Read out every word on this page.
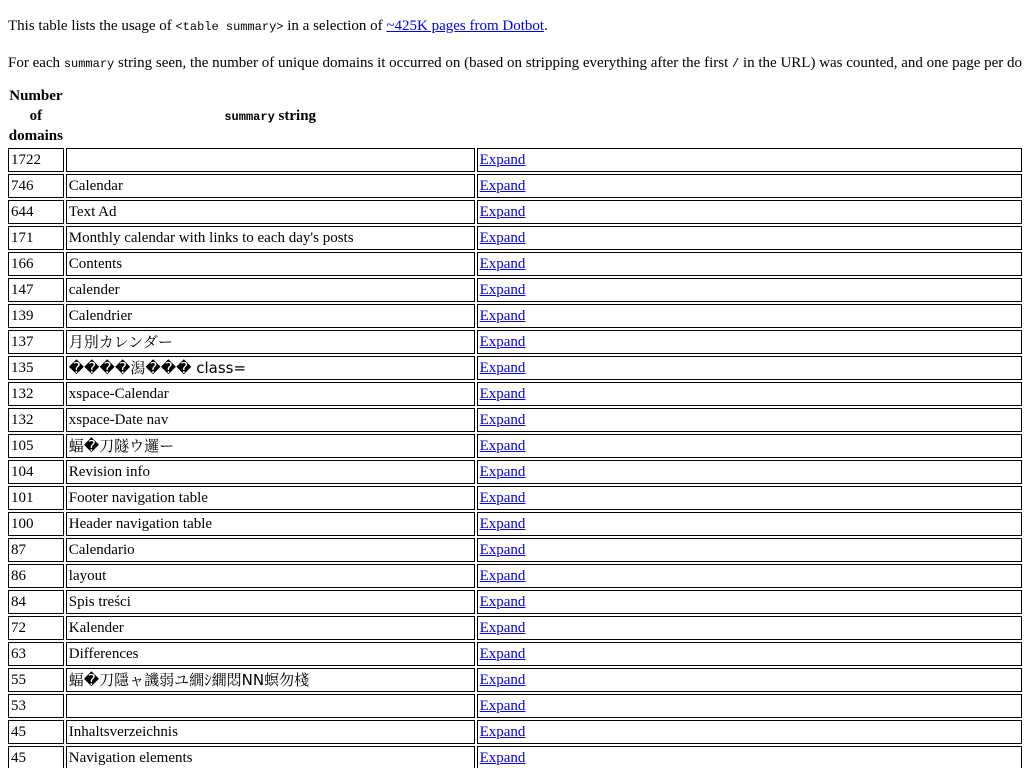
This table lists the usage of <table summary> in a selection of ~425K pages from Dotbot.

For each summary string seen, the number of unique domains it occurred on (based on stripping everything after the first / in the URL) was counted, and one page per do

Number
of
domains	summary string	
1722		Expand
746	Calendar	Expand
644	Text Ad	Expand
171	Monthly calendar with links to each day's posts	Expand
166	Contents	Expand
147	calender	Expand
139	Calendrier	Expand
137	月別カレンダー	Expand
135	����潟��� class=	Expand
132	xspace-Calendar	Expand
132	xspace-Date nav	Expand
105	蝠�刀隧ウ邏ー	Expand
104	Revision info	Expand
101	Footer navigation table	Expand
100	Header navigation table	Expand
87	Calendario	Expand
86	layout	Expand
84	Spis treści	Expand
72	Kalender	Expand
63	Differences	Expand
55	蝠�刀隱ャ譏弱ユ繝ｼ繝悶ΝN螟勿棧	Expand
53		Expand
45	Inhaltsverzeichnis	Expand
45	Navigation elements	Expand
